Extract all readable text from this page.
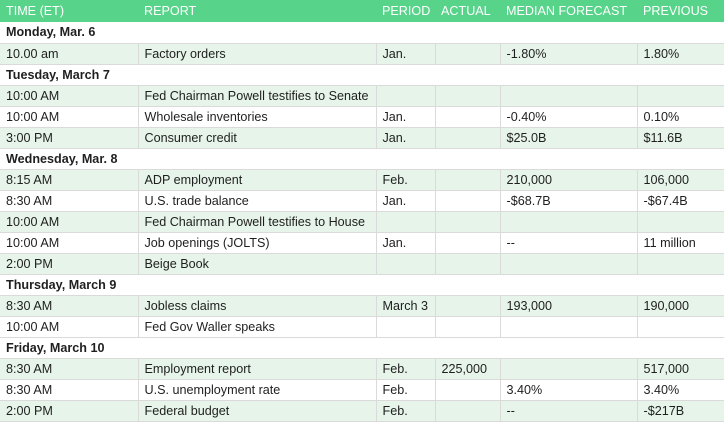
TIME (ET)	REPORT	PERIOD	ACTUAL	MEDIAN FORECAST	PREVIOUS
Monday, Mar. 6					
10.00 am	Factory orders	Jan.		-1.80%	1.80%
Tuesday, March 7					
10:00 AM	Fed Chairman Powell testifies to Senate				
10:00 AM	Wholesale inventories	Jan.		-0.40%	0.10%
3:00 PM	Consumer credit	Jan.		$25.0B	$11.6B
Wednesday, Mar. 8					
8:15 AM	ADP employment	Feb.		210,000	106,000
8:30 AM	U.S. trade balance	Jan.		-$68.7B	-$67.4B
10:00 AM	Fed Chairman Powell testifies to House				
10:00 AM	Job openings (JOLTS)	Jan.		--	11 million
2:00 PM	Beige Book				
Thursday, March 9					
8:30 AM	Jobless claims	March 3		193,000	190,000
10:00 AM	Fed Gov Waller speaks				
Friday, March 10					
8:30 AM	Employment report	Feb.	225,000		517,000
8:30 AM	U.S. unemployment rate	Feb.		3.40%	3.40%
2:00 PM	Federal budget	Feb.		--	-$217B
